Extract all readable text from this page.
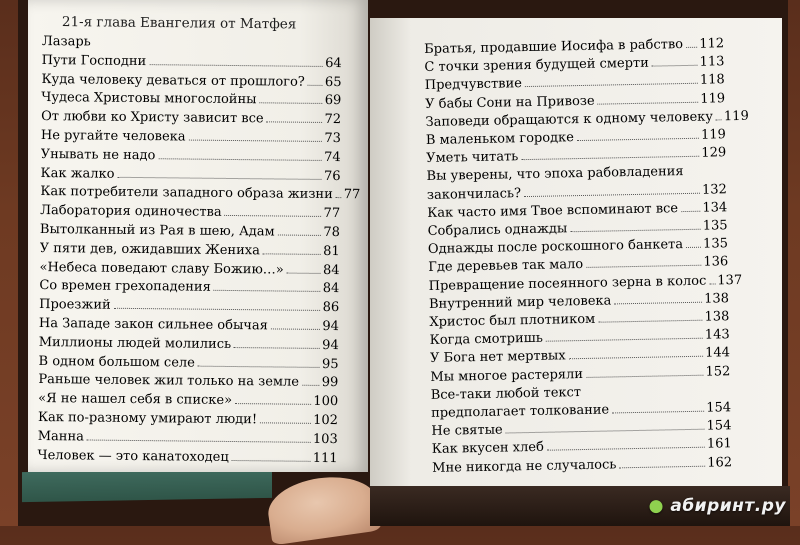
21-я глава Евангелия от Матфея
Лазарь
Пути Господни	64
Куда человеку деваться от прошлого? 65
Чудеса Христовы многослойны	69
От любви ко Христу зависит все	72
Не ругайте человека	73
Унывать не надо	74
Как жалко	76
Как потребители западного образа жизни 77
Лаборатория одиночества	77
Вытолканный из Рая в шею, Адам	78
У пяти дев, ожидавших Жениха	81
«Небеса поведают славу Божию…»	84
Со времен грехопадения	84
Проезжий	86
На Западе закон сильнее обычая	94
Миллионы людей молились	94
В одном большом селе	95
Раньше человек жил только на земле 99
«Я не нашел себя в списке»	100
Как по-разному умирают люди!	102
Манна	103
Человек — это канатоходец	111
Братья, продавшие Иосифа в рабство 112
С точки зрения будущей смерти	113
Предчувствие	118
У бабы Сони на Привозе	119
Заповеди обращаются к одному человеку 119
В маленьком городке	119
Уметь читать	129
Вы уверены, что эпоха рабовладения
закончилась?	132
Как часто имя Твое вспоминают все 134
Собрались однажды	135
Однажды после роскошного банкета 135
Где деревьев так мало	136
Превращение посеянного зерна в колос 137
Внутренний мир человека	138
Христос был плотником	138
Когда смотришь	143
У Бога нет мертвых	144
Мы многое растеряли	152
Все-таки любой текст
предполагает толкование	154
Не святые	154
Как вкусен хлеб	161
Мне никогда не случалось	162
● абиринт.ру
